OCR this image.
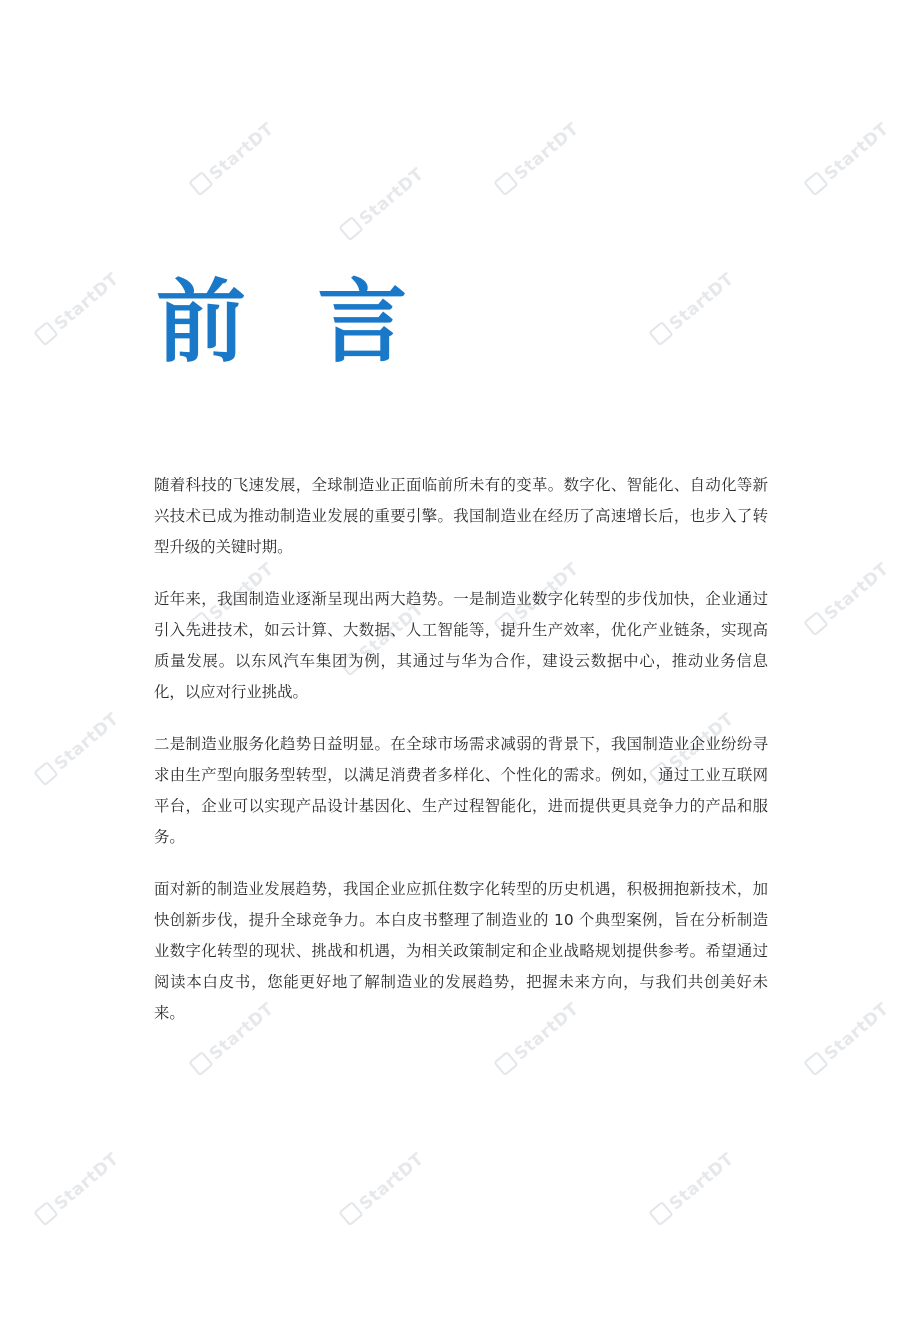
StartDT
StartDT
StartDT
StartDT	StartDT	StartDT
StartDT
StartDT
StartDT
StartDT	StartDT	StartDT
StartDT	StartDT	StartDT
StartDT	StartDT	StartDT
前 言

随着科技的飞速发展，全球制造业正面临前所未有的变革。数字化、智能化、自动化等新兴技术已成为推动制造业发展的重要引擎。我国制造业在经历了高速增长后，也步入了转型升级的关键时期。

近年来，我国制造业逐渐呈现出两大趋势。一是制造业数字化转型的步伐加快，企业通过引入先进技术，如云计算、大数据、人工智能等，提升生产效率，优化产业链条，实现高质量发展。以东风汽车集团为例，其通过与华为合作，建设云数据中心，推动业务信息化，以应对行业挑战。

二是制造业服务化趋势日益明显。在全球市场需求减弱的背景下，我国制造业企业纷纷寻求由生产型向服务型转型，以满足消费者多样化、个性化的需求。例如，通过工业互联网平台，企业可以实现产品设计基因化、生产过程智能化，进而提供更具竞争力的产品和服务。

面对新的制造业发展趋势，我国企业应抓住数字化转型的历史机遇，积极拥抱新技术，加快创新步伐，提升全球竞争力。本白皮书整理了制造业的 10 个典型案例，旨在分析制造业数字化转型的现状、挑战和机遇，为相关政策制定和企业战略规划提供参考。希望通过阅读本白皮书，您能更好地了解制造业的发展趋势，把握未来方向，与我们共创美好未来。
